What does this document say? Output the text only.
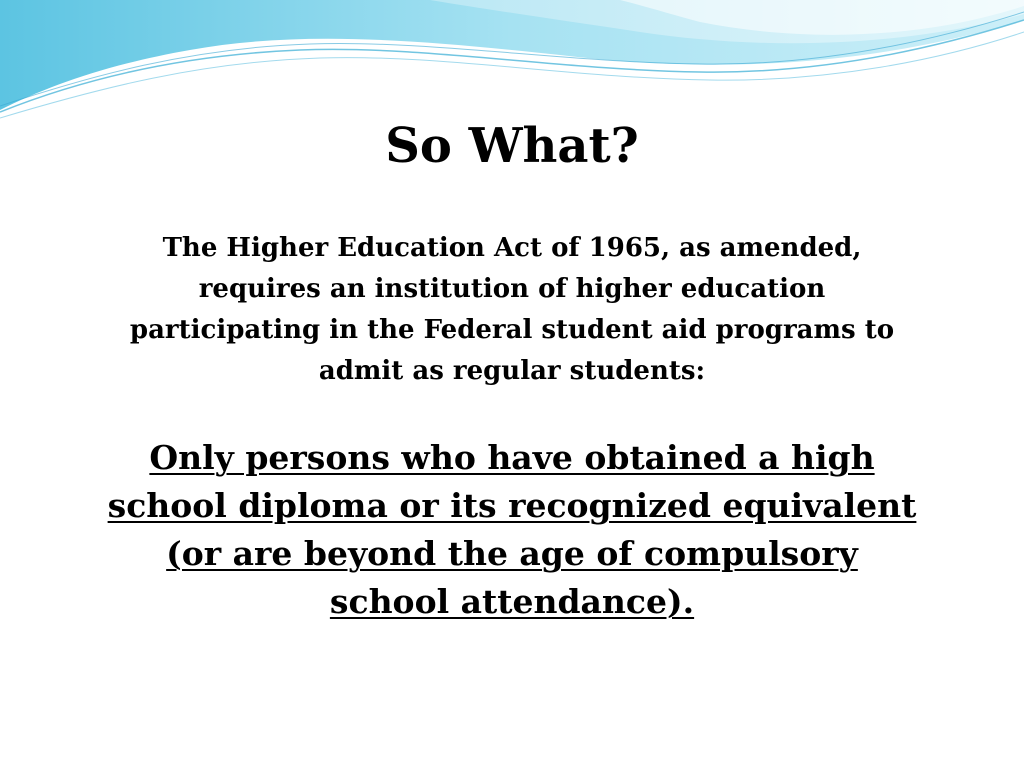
So What?

The Higher Education Act of 1965, as amended, requires an institution of higher education participating in the Federal student aid programs to admit as regular students:

Only persons who have obtained a high school diploma or its recognized equivalent (or are beyond the age of compulsory school attendance).
